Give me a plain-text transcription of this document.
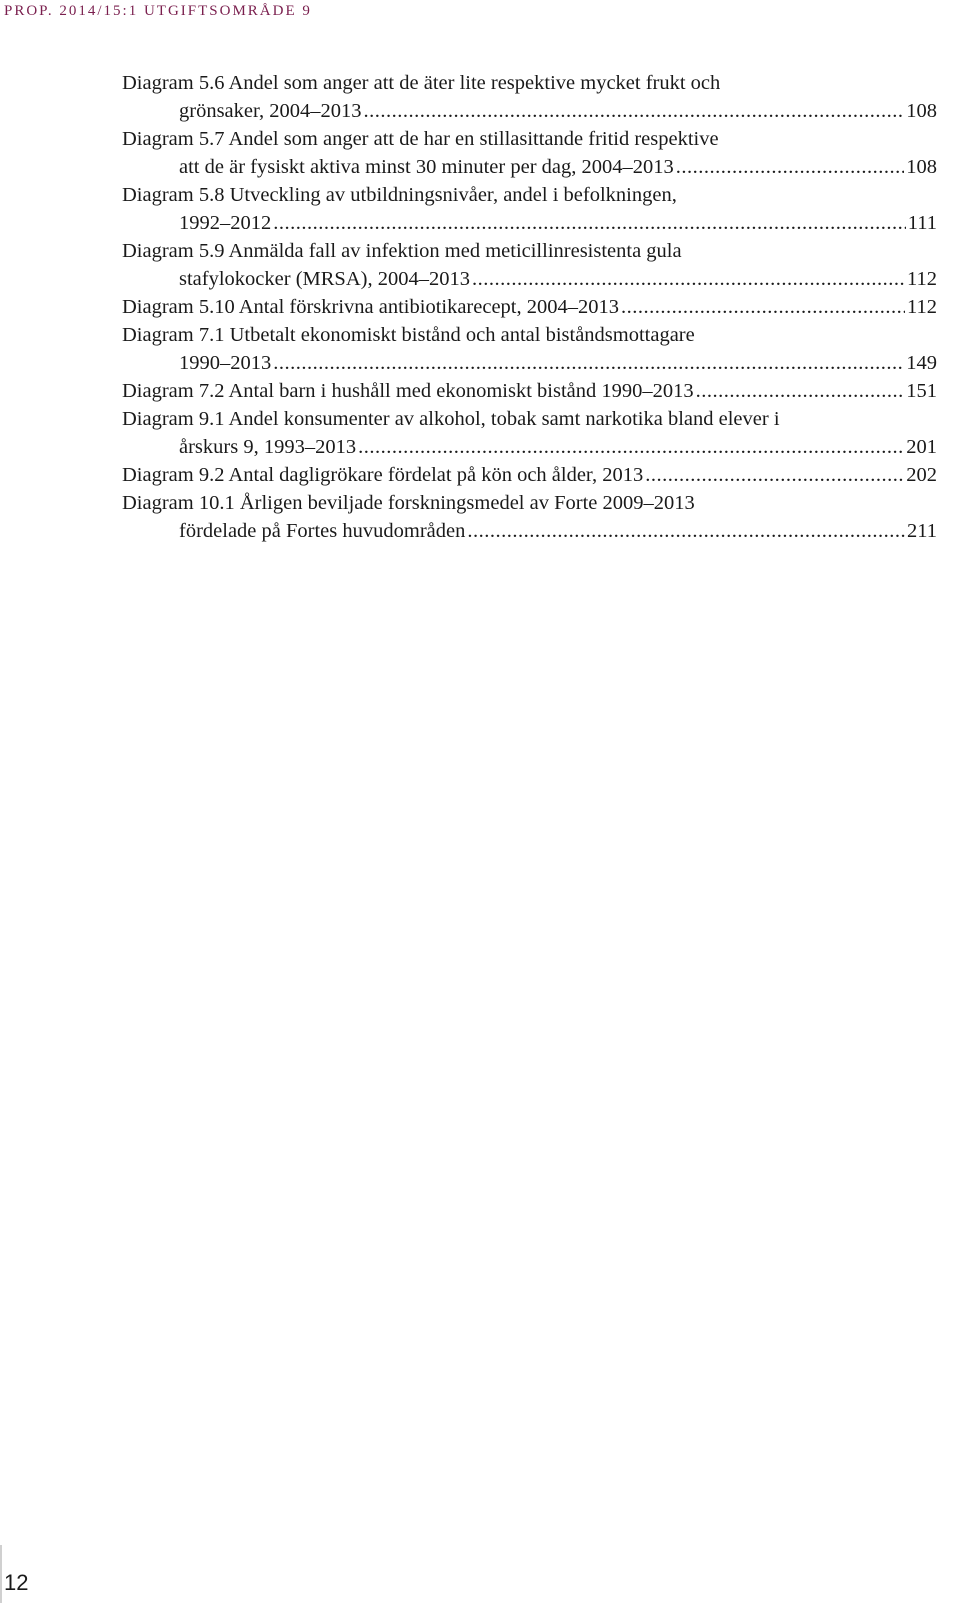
PROP. 2014/15:1 UTGIFTSOMRÅDE 9
Diagram 5.6 Andel som anger att de äter lite respektive mycket frukt och
grönsaker, 2004–2013 .....	108
Diagram 5.7 Andel som anger att de har en stillasittande fritid respektive
att de är fysiskt aktiva minst 30 minuter per dag, 2004–2013 .....	108
Diagram 5.8 Utveckling av utbildningsnivåer, andel i befolkningen,
1992–2012 .....	111
Diagram 5.9 Anmälda fall av infektion med meticillinresistenta gula
stafylokocker (MRSA), 2004–2013 .....	112
Diagram 5.10 Antal förskrivna antibiotikarecept, 2004–2013 .....	112
Diagram 7.1 Utbetalt ekonomiskt bistånd och antal biståndsmottagare
1990–2013 .....	149
Diagram 7.2 Antal barn i hushåll med ekonomiskt bistånd 1990–2013 .....	151
Diagram 9.1 Andel konsumenter av alkohol, tobak samt narkotika bland elever i
årskurs 9, 1993–2013 .....	201
Diagram 9.2 Antal dagligrökare fördelat på kön och ålder, 2013 .....	202
Diagram 10.1 Årligen beviljade forskningsmedel av Forte 2009–2013
fördelade på Fortes huvudområden .....	211
12
